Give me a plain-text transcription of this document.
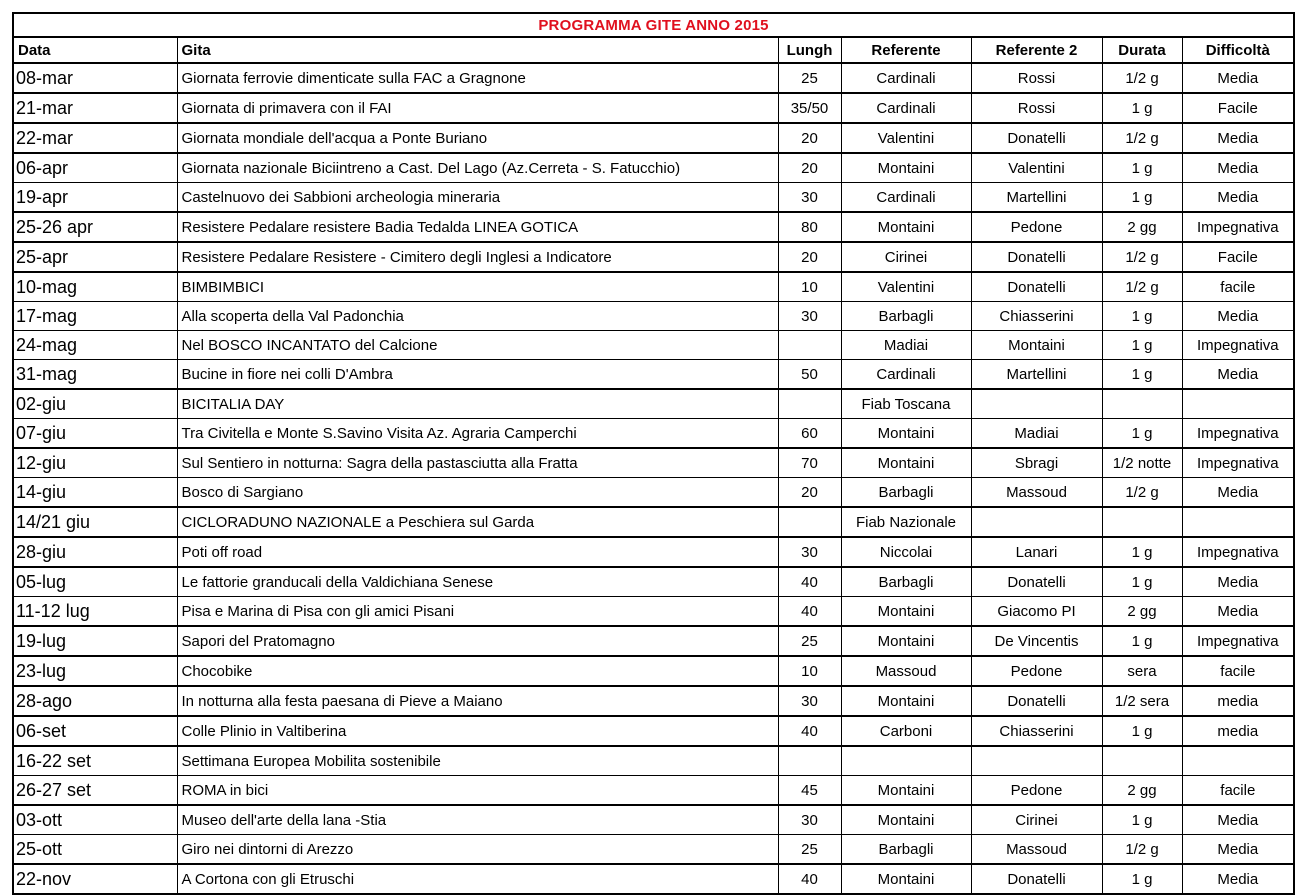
PROGRAMMA GITE ANNO 2015						
Data	Gita	Lungh	Referente	Referente 2	Durata	Difficoltà
08-mar	Giornata ferrovie dimenticate sulla FAC a Gragnone	25	Cardinali	Rossi	1/2 g	Media
21-mar	Giornata di primavera con il FAI	35/50	Cardinali	Rossi	1 g	Facile
22-mar	Giornata mondiale dell'acqua a Ponte Buriano	20	Valentini	Donatelli	1/2 g	Media
06-apr	Giornata nazionale Biciintreno a Cast. Del Lago (Az.Cerreta - S. Fatucchio)	20	Montaini	Valentini	1 g	Media
19-apr	Castelnuovo dei Sabbioni archeologia mineraria	30	Cardinali	Martellini	1 g	Media
25-26 apr	Resistere Pedalare resistere Badia Tedalda LINEA GOTICA	80	Montaini	Pedone	2 gg	Impegnativa
25-apr	Resistere Pedalare Resistere - Cimitero degli Inglesi a Indicatore	20	Cirinei	Donatelli	1/2 g	Facile
10-mag	BIMBIMBICI	10	Valentini	Donatelli	1/2 g	facile
17-mag	Alla scoperta della Val Padonchia	30	Barbagli	Chiasserini	1 g	Media
24-mag	Nel BOSCO INCANTATO del Calcione		Madiai	Montaini	1 g	Impegnativa
31-mag	Bucine in fiore nei colli D'Ambra	50	Cardinali	Martellini	1 g	Media
02-giu	BICITALIA DAY		Fiab Toscana			
07-giu	Tra Civitella e Monte S.Savino Visita Az. Agraria Camperchi	60	Montaini	Madiai	1 g	Impegnativa
12-giu	Sul Sentiero in notturna: Sagra della pastasciutta alla Fratta	70	Montaini	Sbragi	1/2 notte	Impegnativa
14-giu	Bosco di Sargiano	20	Barbagli	Massoud	1/2 g	Media
14/21 giu	CICLORADUNO NAZIONALE a Peschiera sul Garda		Fiab Nazionale			
28-giu	Poti off road	30	Niccolai	Lanari	1 g	Impegnativa
05-lug	Le fattorie granducali della Valdichiana Senese	40	Barbagli	Donatelli	1 g	Media
11-12 lug	Pisa e Marina di Pisa con gli amici Pisani	40	Montaini	Giacomo PI	2 gg	Media
19-lug	Sapori del Pratomagno	25	Montaini	De Vincentis	1 g	Impegnativa
23-lug	Chocobike	10	Massoud	Pedone	sera	facile
28-ago	In notturna alla festa paesana di Pieve a Maiano	30	Montaini	Donatelli	1/2 sera	media
06-set	Colle Plinio in Valtiberina	40	Carboni	Chiasserini	1 g	media
16-22 set	Settimana Europea Mobilita sostenibile					
26-27 set	ROMA in bici	45	Montaini	Pedone	2 gg	facile
03-ott	Museo dell'arte della lana -Stia	30	Montaini	Cirinei	1 g	Media
25-ott	Giro nei dintorni di Arezzo	25	Barbagli	Massoud	1/2 g	Media
22-nov	A Cortona con gli Etruschi	40	Montaini	Donatelli	1 g	Media
